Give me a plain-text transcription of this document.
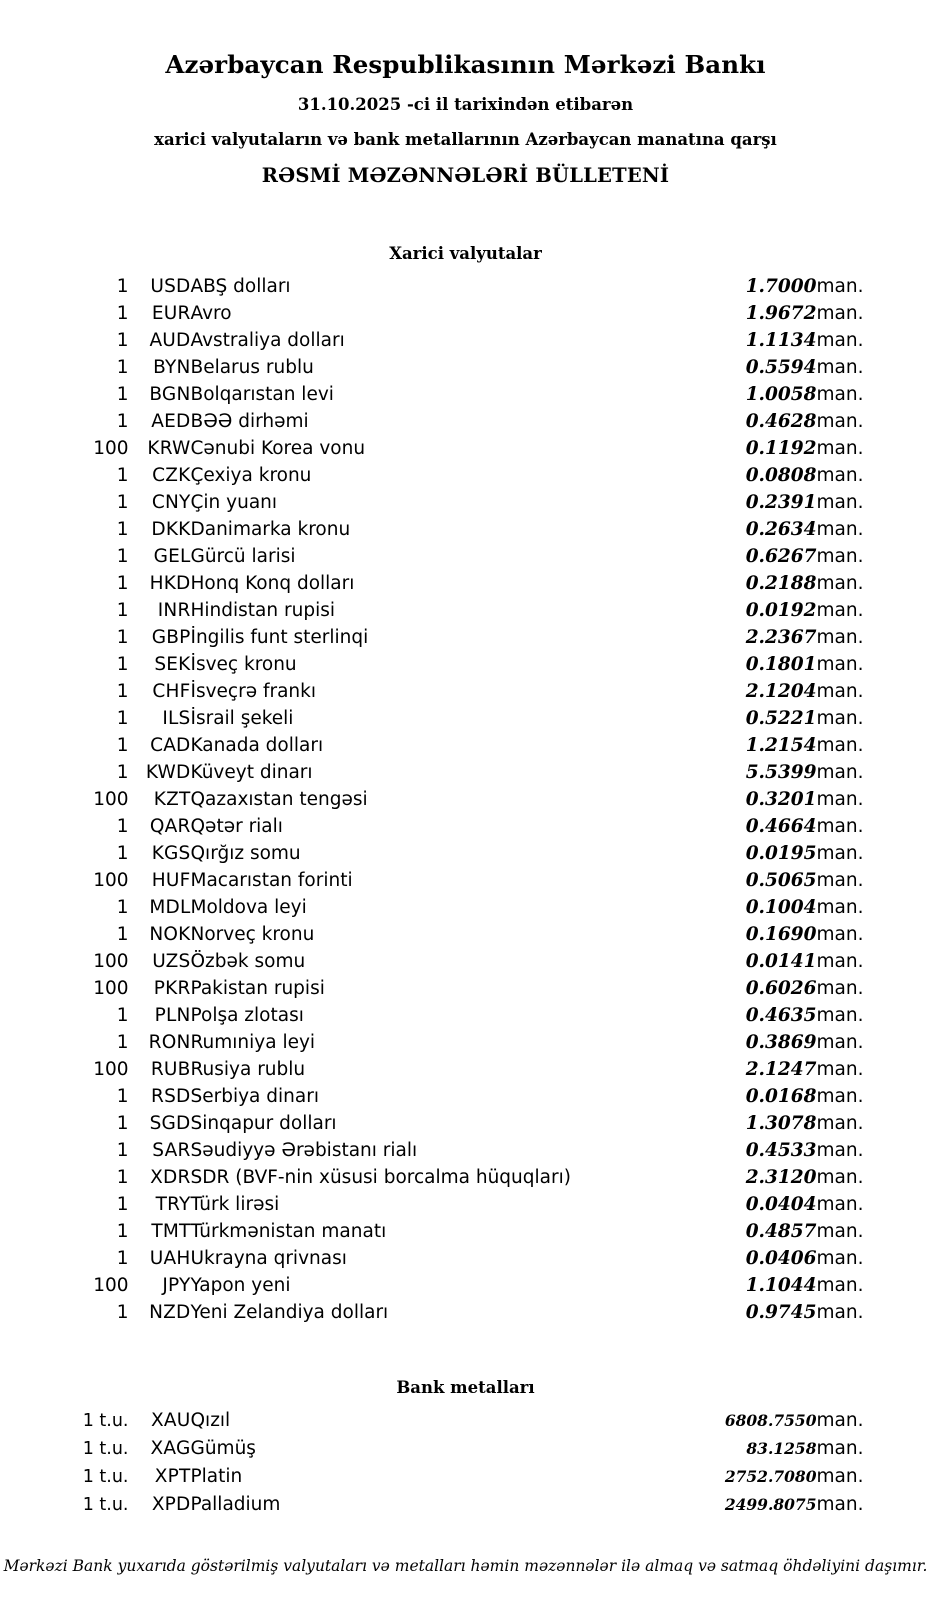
Azərbaycan Respublikasının Mərkəzi Bankı
31.10.2025 -ci il tarixindən etibarən
xarici valyutaların və bank metallarının Azərbaycan manatına qarşı
RƏSMİ MƏZƏNNƏLƏRİ BÜLLETENİ
Xarici valyutalar
1	USD	ABŞ dolları	1.7000	man.
1	EUR	Avro	1.9672	man.
1	AUD	Avstraliya dolları	1.1134	man.
1	BYN	Belarus rublu	0.5594	man.
1	BGN	Bolqarıstan levi	1.0058	man.
1	AED	BƏƏ dirhəmi	0.4628	man.
100	KRW	Cənubi Korea vonu	0.1192	man.
1	CZK	Çexiya kronu	0.0808	man.
1	CNY	Çin yuanı	0.2391	man.
1	DKK	Danimarka kronu	0.2634	man.
1	GEL	Gürcü larisi	0.6267	man.
1	HKD	Honq Konq dolları	0.2188	man.
1	INR	Hindistan rupisi	0.0192	man.
1	GBP	İngilis funt sterlinqi	2.2367	man.
1	SEK	İsveç kronu	0.1801	man.
1	CHF	İsveçrə frankı	2.1204	man.
1	ILS	İsrail şekeli	0.5221	man.
1	CAD	Kanada dolları	1.2154	man.
1	KWD	Küveyt dinarı	5.5399	man.
100	KZT	Qazaxıstan tengəsi	0.3201	man.
1	QAR	Qətər rialı	0.4664	man.
1	KGS	Qırğız somu	0.0195	man.
100	HUF	Macarıstan forinti	0.5065	man.
1	MDL	Moldova leyi	0.1004	man.
1	NOK	Norveç kronu	0.1690	man.
100	UZS	Özbək somu	0.0141	man.
100	PKR	Pakistan rupisi	0.6026	man.
1	PLN	Polşa zlotası	0.4635	man.
1	RON	Rumıniya leyi	0.3869	man.
100	RUB	Rusiya rublu	2.1247	man.
1	RSD	Serbiya dinarı	0.0168	man.
1	SGD	Sinqapur dolları	1.3078	man.
1	SAR	Səudiyyə Ərəbistanı rialı	0.4533	man.
1	XDR	SDR (BVF-nin xüsusi borcalma hüquqları)	2.3120	man.
1	TRY	Türk lirəsi	0.0404	man.
1	TMT	Türkmənistan manatı	0.4857	man.
1	UAH	Ukrayna qrivnası	0.0406	man.
100	JPY	Yapon yeni	1.1044	man.
1	NZD	Yeni Zelandiya dolları	0.9745	man.
Bank metalları
1 t.u.	XAU	Qızıl	6808.7550	man.
1 t.u.	XAG	Gümüş	83.1258	man.
1 t.u.	XPT	Platin	2752.7080	man.
1 t.u.	XPD	Palladium	2499.8075	man.
Mərkəzi Bank yuxarıda göstərilmiş valyutaları və metalları həmin məzənnələr ilə almaq və satmaq öhdəliyini daşımır.
